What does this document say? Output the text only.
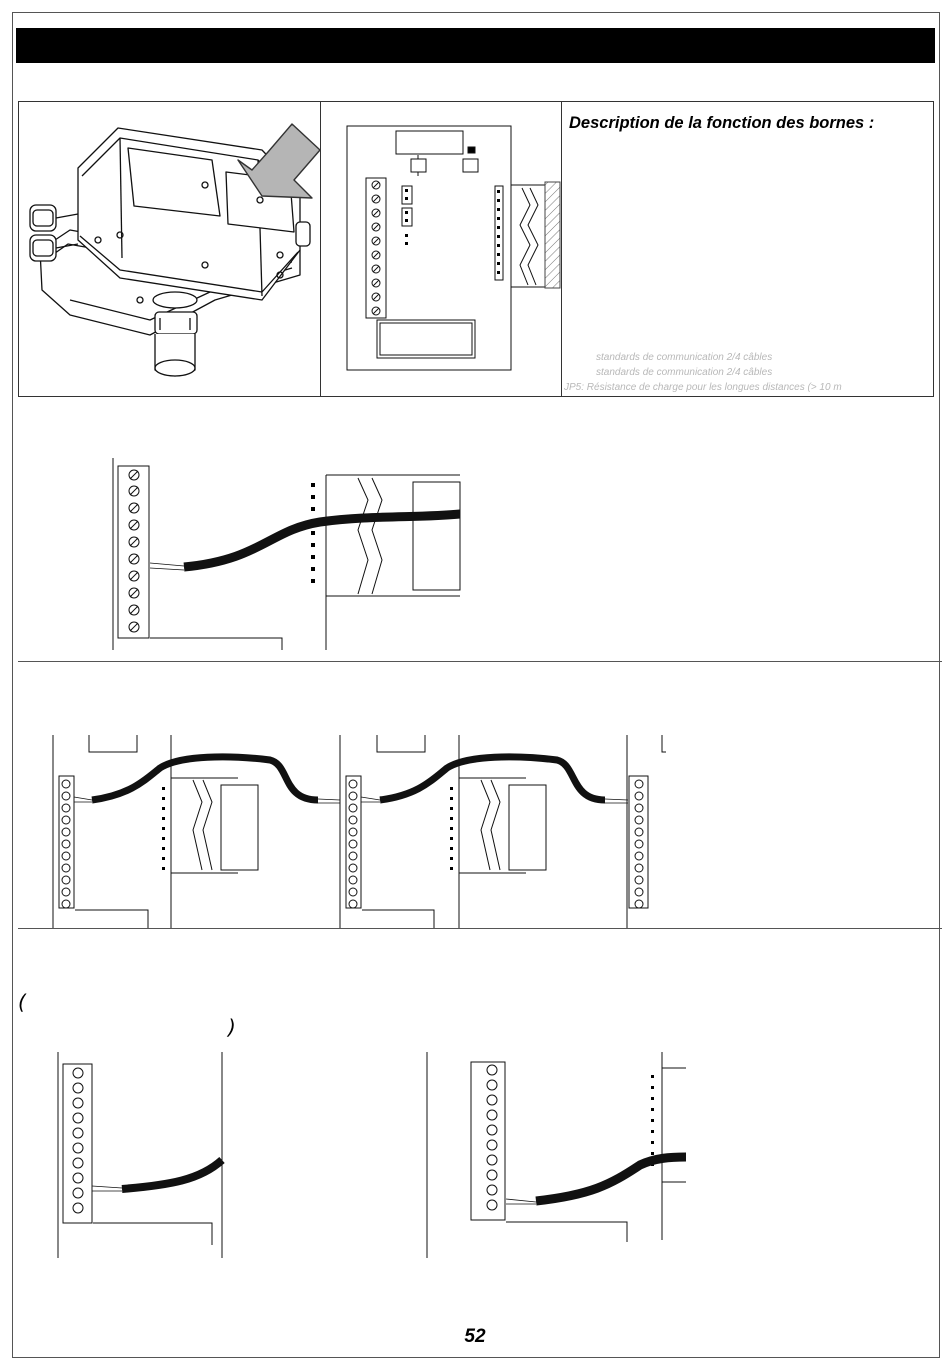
Description de la fonction des bornes :
standards de communication 2/4 câbles
standards de communication 2/4 câbles
JP5: Résistance de charge pour les longues distances (> 10 m
(
)
52
